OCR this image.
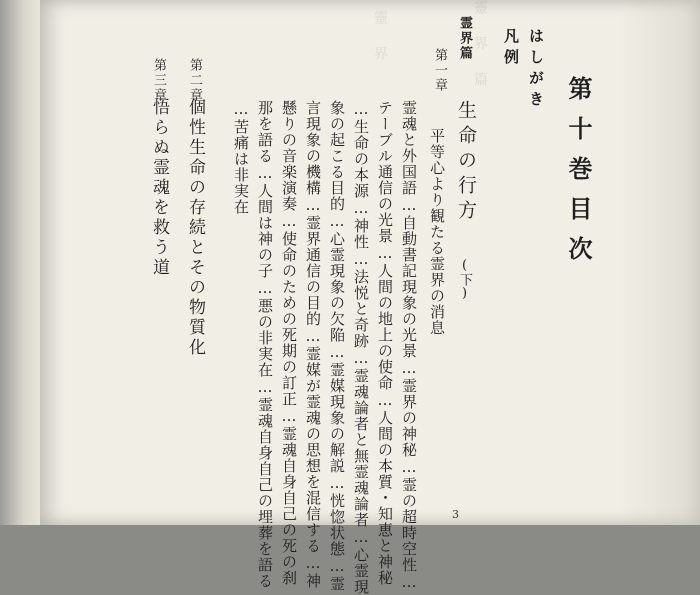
靈　界	靈　界　篇
第十巻目次
はしがき
凡例
霊界篇
第一章
生命の行方
(下)
平等心より観たる霊界の消息
霊魂と外国語…自動書記現象の光景…霊界の神秘…霊の超時空性…
テーブル通信の光景…人間の地上の使命…人間の本質・知恵と神秘
…生命の本源…神性…法悦と奇跡…霊魂論者と無霊魂論者…心霊現
象の起こる目的…心霊現象の欠陥…霊媒現象の解説…恍惚状態…霊
言現象の機構…霊界通信の目的…霊媒が霊魂の思想を混信する…神
懸りの音楽演奏…使命のための死期の訂正…霊魂自身自己の死の刹
那を語る…人間は神の子…悪の非実在…霊魂自身自己の埋葬を語る
…苦痛は非実在
第二章
個性生命の存続とその物質化
第三章
悟らぬ霊魂を救う道
3
